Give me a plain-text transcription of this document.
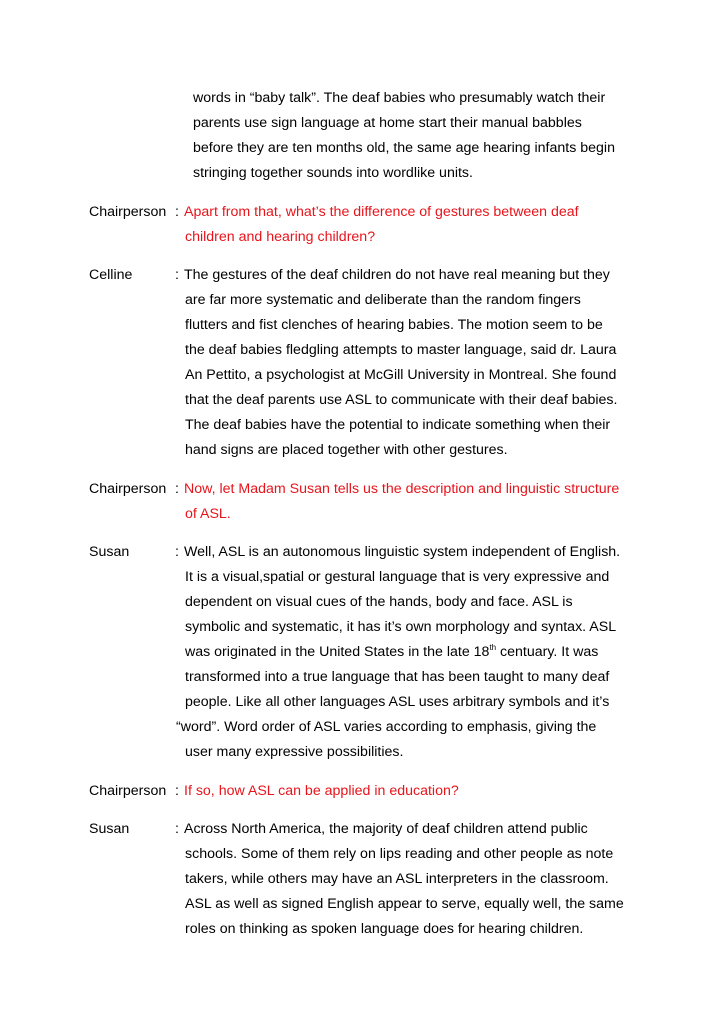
words in “baby talk”. The deaf babies who presumably watch their
parents use sign language at home start their manual babbles
before they are ten months old, the same age hearing infants begin
stringing together sounds into wordlike units.
Chairperson : Apart from that, what’s the difference of gestures between deaf
children and hearing children?
Celline	: The gestures of the deaf children do not have real meaning but they
are far more systematic and deliberate than the random fingers
flutters and fist clenches of hearing babies. The motion seem to be
the deaf babies fledgling attempts to master language, said dr. Laura
An Pettito, a psychologist at McGill University in Montreal. She found
that the deaf parents use ASL to communicate with their deaf babies.
The deaf babies have the potential to indicate something when their
hand signs are placed together with other gestures.
Chairperson : Now, let Madam Susan tells us the description and linguistic structure
of ASL.
Susan	: Well, ASL is an autonomous linguistic system independent of English.
It is a visual,spatial or gestural language that is very expressive and
dependent on visual cues of the hands, body and face. ASL is
symbolic and systematic, it has it’s own morphology and syntax. ASL
was originated in the United States in the late 18th centuary. It was
transformed into a true language that has been taught to many deaf
people. Like all other languages ASL uses arbitrary symbols and it’s
“word”. Word order of ASL varies according to emphasis, giving the
user many expressive possibilities.
Chairperson : If so, how ASL can be applied in education?
Susan	: Across North America, the majority of deaf children attend public
schools. Some of them rely on lips reading and other people as note
takers, while others may have an ASL interpreters in the classroom.
ASL as well as signed English appear to serve, equally well, the same
roles on thinking as spoken language does for hearing children.
